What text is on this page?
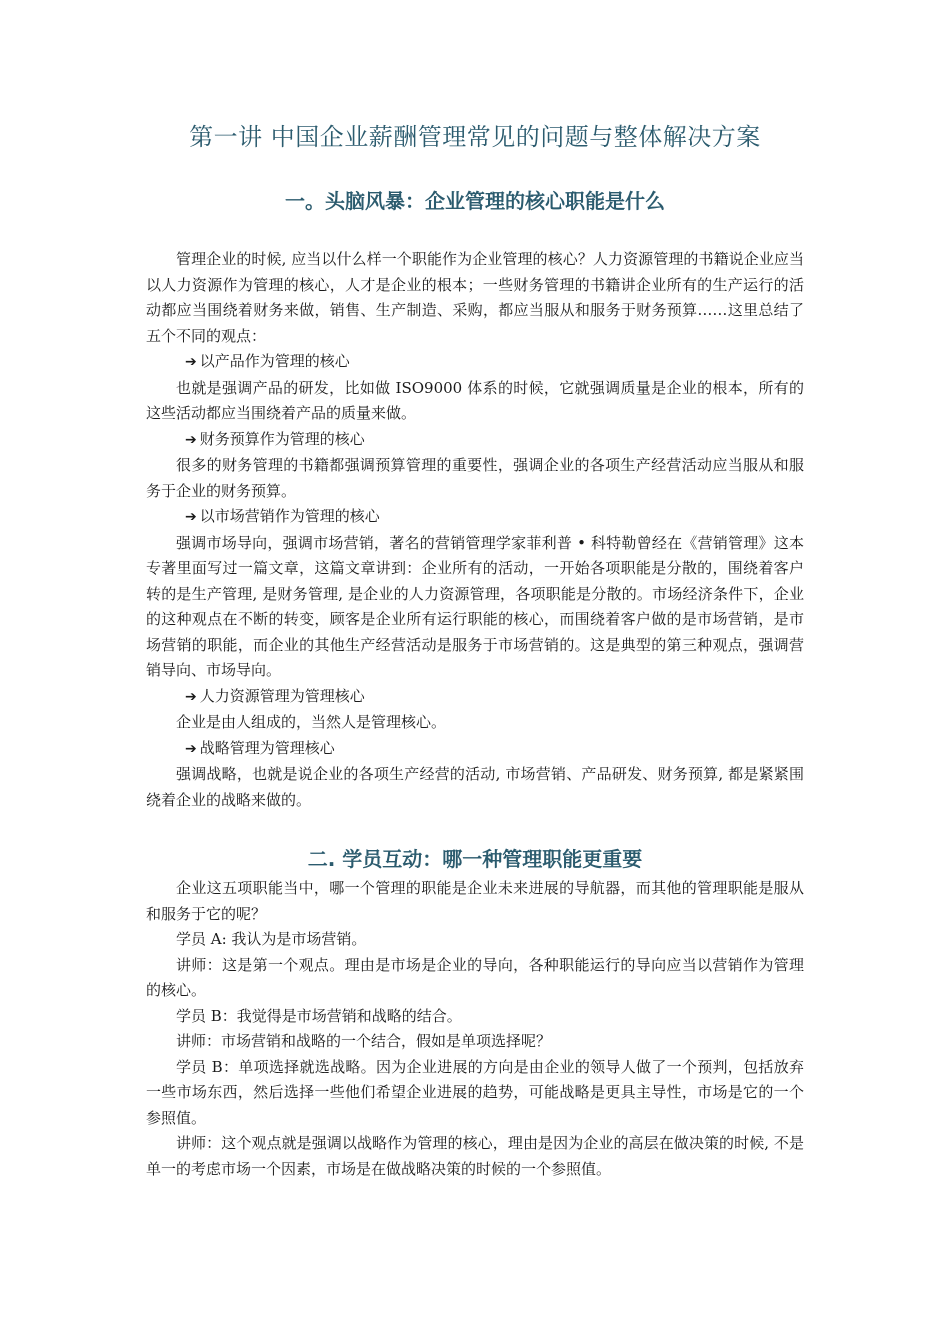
第一讲 中国企业薪酬管理常见的问题与整体解决方案
一。头脑风暴：企业管理的核心职能是什么

管理企业的时候, 应当以什么样一个职能作为企业管理的核心？人力资源管理的书籍说企业应当以人力资源作为管理的核心，人才是企业的根本；一些财务管理的书籍讲企业所有的生产运行的活动都应当围绕着财务来做，销售、生产制造、采购，都应当服从和服务于财务预算……这里总结了五个不同的观点：

➔ 以产品作为管理的核心

也就是强调产品的研发，比如做 ISO9000 体系的时候，它就强调质量是企业的根本，所有的这些活动都应当围绕着产品的质量来做。

➔ 财务预算作为管理的核心

很多的财务管理的书籍都强调预算管理的重要性，强调企业的各项生产经营活动应当服从和服务于企业的财务预算。

➔ 以市场营销作为管理的核心

强调市场导向，强调市场营销，著名的营销管理学家菲利普 • 科特勒曾经在《营销管理》这本专著里面写过一篇文章，这篇文章讲到：企业所有的活动，一开始各项职能是分散的，围绕着客户转的是生产管理, 是财务管理, 是企业的人力资源管理，各项职能是分散的。市场经济条件下，企业的这种观点在不断的转变，顾客是企业所有运行职能的核心，而围绕着客户做的是市场营销，是市场营销的职能，而企业的其他生产经营活动是服务于市场营销的。这是典型的第三种观点，强调营销导向、市场导向。

➔ 人力资源管理为管理核心

企业是由人组成的，当然人是管理核心。

➔ 战略管理为管理核心

强调战略，也就是说企业的各项生产经营的活动, 市场营销、产品研发、财务预算, 都是紧紧围绕着企业的战略来做的。

二. 学员互动：哪一种管理职能更重要

企业这五项职能当中，哪一个管理的职能是企业未来进展的导航器，而其他的管理职能是服从和服务于它的呢？

学员 A: 我认为是市场营销。

讲师：这是第一个观点。理由是市场是企业的导向，各种职能运行的导向应当以营销作为管理的核心。

学员 B：我觉得是市场营销和战略的结合。

讲师：市场营销和战略的一个结合，假如是单项选择呢？

学员 B：单项选择就选战略。因为企业进展的方向是由企业的领导人做了一个预判，包括放弃一些市场东西，然后选择一些他们希望企业进展的趋势，可能战略是更具主导性，市场是它的一个参照值。

讲师：这个观点就是强调以战略作为管理的核心，理由是因为企业的高层在做决策的时候, 不是单一的考虑市场一个因素，市场是在做战略决策的时候的一个参照值。
